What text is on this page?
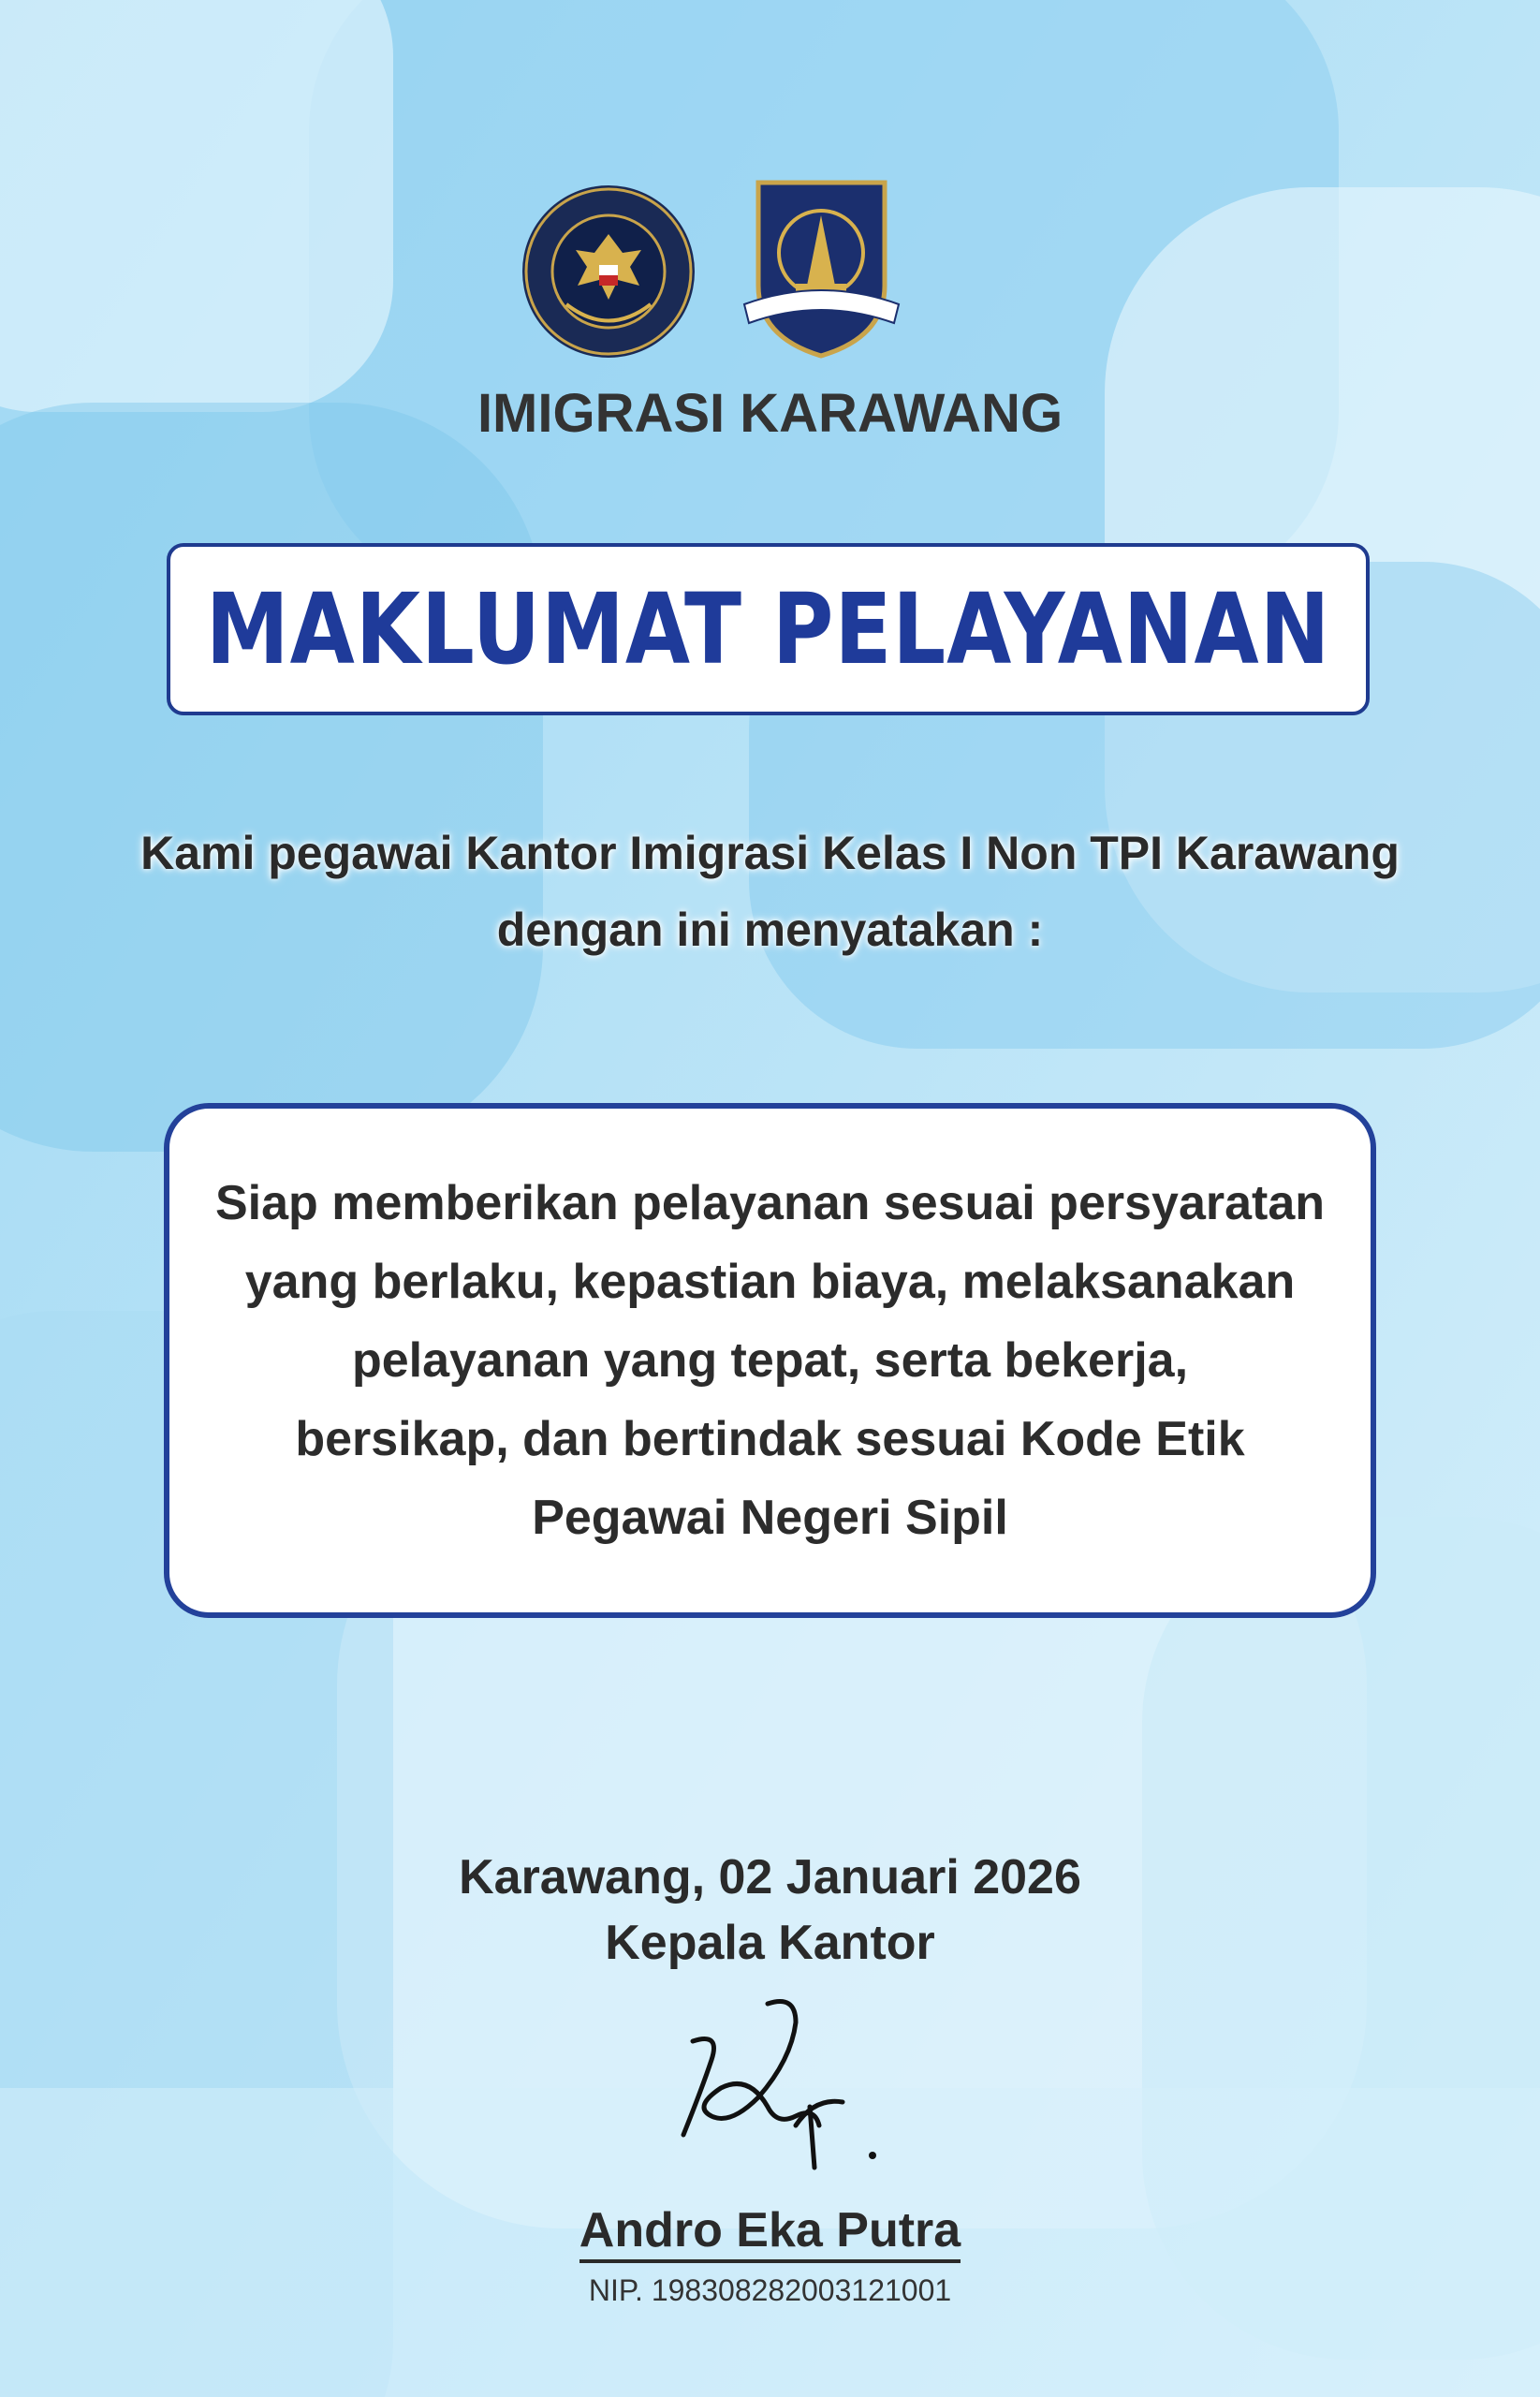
IMIGRASI KARAWANG
MAKLUMAT PELAYANAN
Kami pegawai Kantor Imigrasi Kelas I Non TPI Karawang
dengan ini menyatakan :
Siap memberikan pelayanan sesuai persyaratan
yang berlaku, kepastian biaya, melaksanakan
pelayanan yang tepat, serta bekerja,
bersikap, dan bertindak sesuai Kode Etik
Pegawai Negeri Sipil
Karawang, 02 Januari 2026
Kepala Kantor
Andro Eka Putra
NIP. 198308282003121001
